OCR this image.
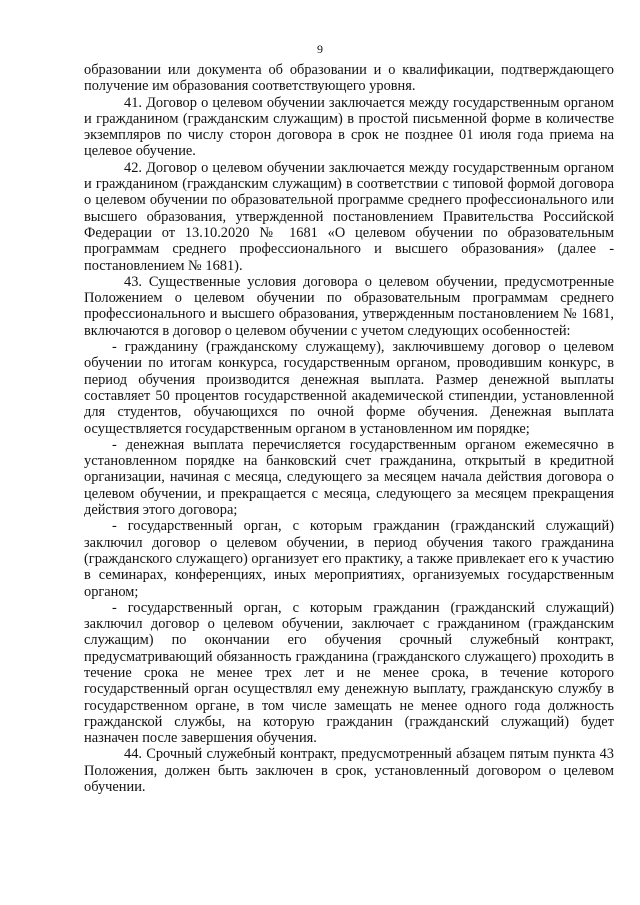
9

образовании или документа об образовании и о квалификации, подтверждающего получение им образования соответствующего уровня.

41. Договор о целевом обучении заключается между государственным органом и гражданином (гражданским служащим) в простой письменной форме в количестве экземпляров по числу сторон договора в срок не позднее 01 июля года приема на целевое обучение.

42. Договор о целевом обучении заключается между государственным органом и гражданином (гражданским служащим) в соответствии с типовой формой договора о целевом обучении по образовательной программе среднего профессионального или высшего образования, утвержденной постановлением Правительства Российской Федерации от 13.10.2020 № 1681 «О целевом обучении по образовательным программам среднего профессионального и высшего образования» (далее - постановлением № 1681).

43. Существенные условия договора о целевом обучении, предусмотренные Положением о целевом обучении по образовательным программам среднего профессионального и высшего образования, утвержденным постановлением № 1681, включаются в договор о целевом обучении с учетом следующих особенностей:

- гражданину (гражданскому служащему), заключившему договор о целевом обучении по итогам конкурса, государственным органом, проводившим конкурс, в период обучения производится денежная выплата. Размер денежной выплаты составляет 50 процентов государственной академической стипендии, установленной для студентов, обучающихся по очной форме обучения. Денежная выплата осуществляется государственным органом в установленном им порядке;

- денежная выплата перечисляется государственным органом ежемесячно в установленном порядке на банковский счет гражданина, открытый в кредитной организации, начиная с месяца, следующего за месяцем начала действия договора о целевом обучении, и прекращается с месяца, следующего за месяцем прекращения действия этого договора;

- государственный орган, с которым гражданин (гражданский служащий) заключил договор о целевом обучении, в период обучения такого гражданина (гражданского служащего) организует его практику, а также привлекает его к участию в семинарах, конференциях, иных мероприятиях, организуемых государственным органом;

- государственный орган, с которым гражданин (гражданский служащий) заключил договор о целевом обучении, заключает с гражданином (гражданским служащим) по окончании его обучения срочный служебный контракт, предусматривающий обязанность гражданина (гражданского служащего) проходить в течение срока не менее трех лет и не менее срока, в течение которого государственный орган осуществлял ему денежную выплату, гражданскую службу в государственном органе, в том числе замещать не менее одного года должность гражданской службы, на которую гражданин (гражданский служащий) будет назначен после завершения обучения.

44. Срочный служебный контракт, предусмотренный абзацем пятым пункта 43 Положения, должен быть заключен в срок, установленный договором о целевом обучении.
